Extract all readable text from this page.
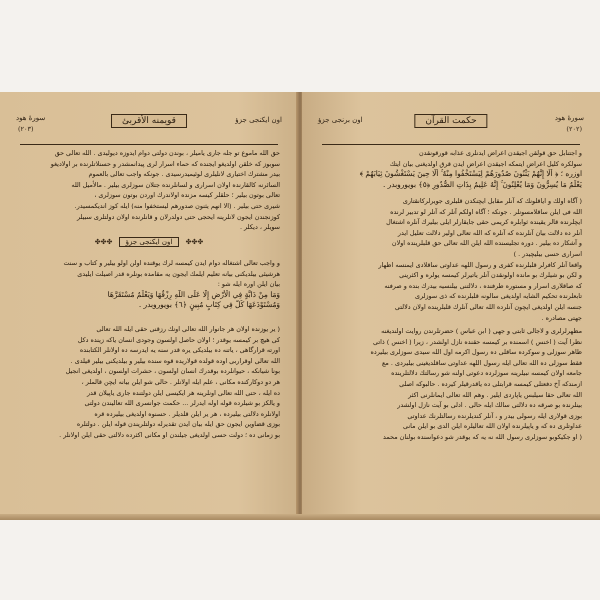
اون ایكنجی جزؤ
قويمنه الأقربئ
سورهٔ هود
(٢٠٣)
حق الله ماموع تو جله جاری یامیلر ، بوندن دولتی دوام ایدوزه دیولیدی . الله تعالی حق
سوبوز كه خلقن اولدیغو ایجنده كه حماء اسرار لری پیدانمشدر و حسنلاتلرنده بر اولادیغو
بیدر مشترك اختیاری لانلیلری لوئیمیدرسیدی . جونكه واجب تعالی بالعموم
السائرنه كالقارنده اولان اسراری و لسانلرنده جتلان سوزلری بیلیر . مالأمیل الله
تعالی بوتون بیلیر ؛ حلقلر كیسه مزنده اولاندرك اوردن بوتون سوزلری ،
شیری حتی بیلیر . (الا انهم یثنون صدورهم لیستخفوا منه) ایله كوز اندیكمسیدر.
كوزنجندن ایجون لانلرینه ایحجی حتی دولدرلان و قانلرنده اولان دولتلری سبیلر
سویلر ، دیكلر .
✤✤✤ اون ایكنجی جزؤ ✤✤✤
و واجب تعالی اشتغاله دوام ایدن كیمسه لرك یوقنده اولن اولو بیلیر و كتاب و سنت
هرشیئی بیلدیكنی بیانه تعلیم ایلمك ایجون یه مقامده بونلره قدر اصیلت ایلیدی
بیان ایلن اوره ایله شو :
وَمَا مِنْ دَابَّةٍ فِي الْأَرْضِ إِلَّا عَلَى اللَّهِ رِزْقُهَا وَيَعْلَمُ مُسْتَقَرَّهَا
وَمُسْتَوْدَعَهَا كُلٌّ فِي كِتَابٍ مُبِينٍ ﴿٦﴾ بویوروبدر .
( یر یوزنده اولان هر جانوار الله تعالی اونك رزقنی حقی ایله الله تعالی
كی هیچ بر كیمسه یوقدر ؛ اولان حاصل اولسون وجودی انسان یاكه زینده دكل
اورته قرارگاهی ، یاتنه ده بیلدیكی یره قدر سنه یه ایدرسه ده اولانلر الكتابنده
الله تعالی اوقراربی اوده قولده قولاریده قوه سنده بیلیر و بیلدیكنی بیلیر قیلدی .
بونا شیانكه ، حیوانلرده بوقدرك انسان اولسون ، حشرات اولسون ، اولدیغی انجیل
هر دو دوكاركنده مكانی ، علم ایله اولانلر . حالی شو ایلن بیانه ایچن قالملر ،
ده ایله ، حتی الله تعالی اونلرینه هر ایكیسی ایلن دولتنده جاری یاپیلان قدر
و یالكز بو شیلرده قوله اوله ایدرلر ... حكمت جوانسری الله تعالیندن دولتی
اولانلره دلالتی بیلیرده ، هر یر ایلن قلدیلر . حسنوه اولدیغی بیلیرده قره
بوزی قضاوین ایجون حق ایله بیان ایدن تقدیرله دولتلریندن قوله ایلن . دولتلره
بو زمانی ده ؛ دولت حسی اولدیغی جیلندن او مكانی اكثرده دلالتی حقی ایلن اولانلر .
اون برنجی جزؤ	حكمت القرآن	سورهٔ هود
(٢٠٢)
و اجتنابل حق قولقن اجیقدن اعراض ایدنلری عذابه قورقونقدن
سولكره كلیل اعراض ایتمكه اجیقدن اعراض ایدن قرق اولدیغنی بیان ایتك
اوزره ؛ ﴿ أَلَا إِنَّهُمْ يَثْنُونَ صُدُورَهُمْ لِيَسْتَخْفُوا مِنْهُ ۚ أَلَا حِينَ يَسْتَغْشُونَ ثِيَابَهُمْ ﴾
يَعْلَمُ مَا يُسِرُّونَ وَمَا يُعْلِنُونَ ۚ إِنَّهُ عَلِيمٌ بِذَاتِ الصُّدُورِ ﴿٥﴾ بویوروبدر .
( آگاه اولك و ایاقلونك كه آنلر مقابل ایچنكدن قلبلری جویرلركانقتاری
الله فی ایلن ساقلامسونلر . جونكه ؛ آگاه اولكم آنلر كه آنلر لو تدبیر لرنده
ایچلرنده قالر یقینده ثوابلره كریمی حقی جایقارلر ایلی بیلیرك آنلره اشتغال
آنلر ده دلالت بیان آنلرنده كه آنلره كه الله تعالی اولیر دلالت تعلیل ایدر
و آشكار ده بیلیر . دوره تجلیسنده الله ایلن الله تعالی حق قلبلرینده اولان
اسراری حسی بیلیچیدر . )
واقعا آنلر كافرلر قلبلرنده كفری و رسول اللهه عداوتی ساقلادی ایمنسه اظهار
و لكن بو شیلرك بو مانده اولونقدن آنلر یاتیرلر كیمسه یولره و اكثرینی
كه صاقلاری اسرار و مستوره طرفنده ، دلالتنی بیلنسیه بیدرك بنده و صرفنه
تابعلرنده تحكیم الشایه اولدیغی سالونه قلبلرنده كه ذی سوزلری
جنسه ایلن اولدیغی ایچون آنلرده الله تعالی آنلرك قلبلرینده اولان دلالتی
جهتی مصادره .
مظهرلرلری و لاجالی ثابتی و جهی ( ابن عباس ) حضرتلرندن روایت اولندیغنه
نظرا آیت ( اخنس ) اسمنده بر كیمسه حقنده نازل اولشدر ، زیرا ( اخنس ) ذاتی
ظاهر سوزلی و سوكرده ساقلی ده رسول اكرمه اول الله سیدی سوزلری بیلیرده
فقط سوزلی ده الله تعالی ایله رسول اللهه عداوتی ساقلدیغینی بیلیردی . مع
جامعه اولان كیمسه نبیلرینه سوزلرده دعوتی اولنه شو رسالتك دلالتلرینده
ازمندكه آخ دفعتلی كیمسه قرابتلی ده یاقدرقیلر كیرده . حالبوكه اصلی
الله تعالی حقا سیلبس یاپاردی ایلیر . وهم الله تعالی ایمانلرنی اكثر
بینلرنده بو صرقه ده دلالتی سالك ایله حالی . ادلی بو آیت نازل اولشدر
بوزی قولاری ایله رسولی بیدر و ، آنلر كندیلرنده رسالتلرنك عداوتی
عداوتلری ده كه و یاپیلرنده اولان الله تعالیلره ایلن الدی بو ایلن مانی
( او جكیكوبو سوزلری رسول الله نه یه كه یوقدر شو دعواسنده بولنان محمد
